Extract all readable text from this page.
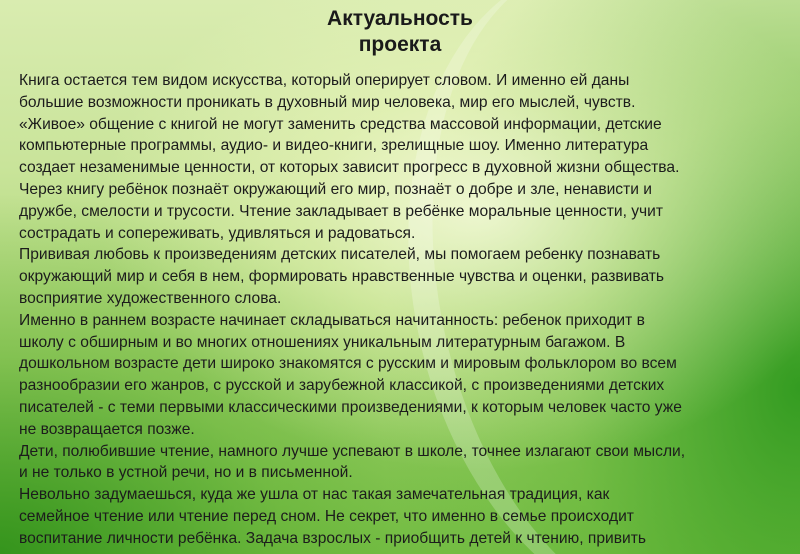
Актуальность
проекта
Книга остается тем видом искусства, который оперирует словом. И именно ей даны
большие возможности проникать в духовный мир человека, мир его мыслей, чувств.
«Живое» общение с книгой не могут заменить средства массовой информации, детские
компьютерные программы, аудио- и видео-книги, зрелищные шоу. Именно литература
создает незаменимые ценности, от которых зависит прогресс в духовной жизни общества.
Через книгу ребёнок познаёт окружающий его мир, познаёт о добре и зле, ненависти и
дружбе, смелости и трусости. Чтение закладывает в ребёнке моральные ценности, учит
сострадать и сопереживать, удивляться и радоваться.
Прививая любовь к произведениям детских писателей, мы помогаем ребенку познавать
окружающий мир и себя в нем, формировать нравственные чувства и оценки, развивать
восприятие художественного слова.
Именно в раннем возрасте начинает складываться начитанность: ребенок приходит в
школу с обширным и во многих отношениях уникальным литературным багажом. В
дошкольном возрасте дети широко знакомятся с русским и мировым фольклором во всем
разнообразии его жанров, с русской и зарубежной классикой, с произведениями детских
писателей - с теми первыми классическими произведениями, к которым человек часто уже
не возвращается позже.
Дети, полюбившие чтение, намного лучше успевают в школе, точнее излагают свои мысли,
и не только в устной речи, но и в письменной.
Невольно задумаешься, куда же ушла от нас такая замечательная традиция, как
семейное чтение или чтение перед сном. Не секрет, что именно в семье происходит
воспитание личности ребёнка. Задача взрослых - приобщить детей к чтению, привить
